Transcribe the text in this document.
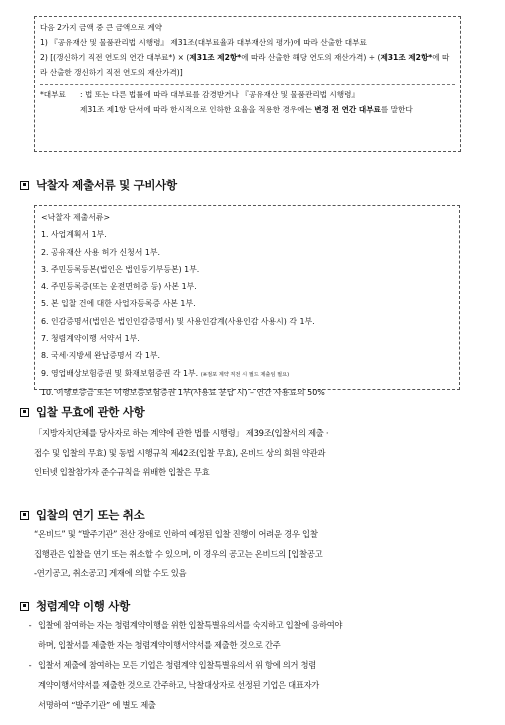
다음 2가지 금액 중 큰 금액으로 계약

1) 『공유재산 및 물품관리법 시행령』 제31조(대부료율과 대부재산의 평가)에 따라 산출한 대부료

2) [(갱신하기 직전 연도의 연간 대부료*) × (제31조 제2항*에 따라 산출한 해당 연도의 재산가격) ÷ (제31조 제2항*에 따라 산출한 갱신하기 직전 연도의 재산가격)]

*대부료	: 법 또는 다른 법률에 따라 대부료를 감경받거나 『공유재산 및 물품관리법 시행령』
제31조 제1항 단서에 따라 한시적으로 인하한 요율을 적용한 경우에는 변경 전 연간 대부료를 말한다
낙찰자 제출서류 및 구비사항

<낙찰자 제출서류>

1. 사업계획서 1부.

2. 공유재산 사용 허가 신청서 1부.

3. 주민등록등본(법인은 법인등기부등본) 1부.

4. 주민등록증(또는 운전면허증 등) 사본 1부.

5. 본 입찰 건에 대한 사업자등록증 사본 1부.

6. 인감증명서(법인은 법인인감증명서) 및 사용인감계(사용인감 사용시) 각 1부.

7. 청렴계약이행 서약서 1부.

8. 국세·지방세 완납증명서 각 1부.

9. 영업배상보험증권 및 화재보험증권 각 1부. (※점포 계약 직전 시 필드 제출임 필요)

10. 이행보증금 또는 이행보증보험증권 1부(사용료 분납 시) – 연간 사용료의 50%

입찰 무효에 관한 사항

「지방자치단체를 당사자로 하는 계약에 관한 법률 시행령」 제39조(입찰서의 제출 ·

접수 및 입찰의 무효) 및 동법 시행규칙 제42조(입찰 무효), 온비드 상의 회원 약관과

인터넷 입찰참가자 준수규칙을 위배한 입찰은 무효

입찰의 연기 또는 취소

“온비드” 및 “발주기관” 전산 장애로 인하여 예정된 입찰 진행이 어려운 경우 입찰

집행관은 입찰을 연기 또는 취소할 수 있으며, 이 경우의 공고는 온비드의 [입찰공고

-연기공고, 취소공고] 게재에 의할 수도 있음

청렴계약 이행 사항
- 입찰에 참여하는 자는 청렴계약이행을 위한 입찰특별유의서를 숙지하고 입찰에 응하여야
하며, 입찰서를 제출한 자는 청렴계약이행서약서를 제출한 것으로 간주
- 입찰서 제출에 참여하는 모든 기업은 청렴계약 입찰특별유의서 위 항에 의거 청렴
계약이행서약서를 제출한 것으로 간주하고, 낙찰대상자로 선정된 기업은 대표자가
서명하여 “발주기관” 에 별도 제출
